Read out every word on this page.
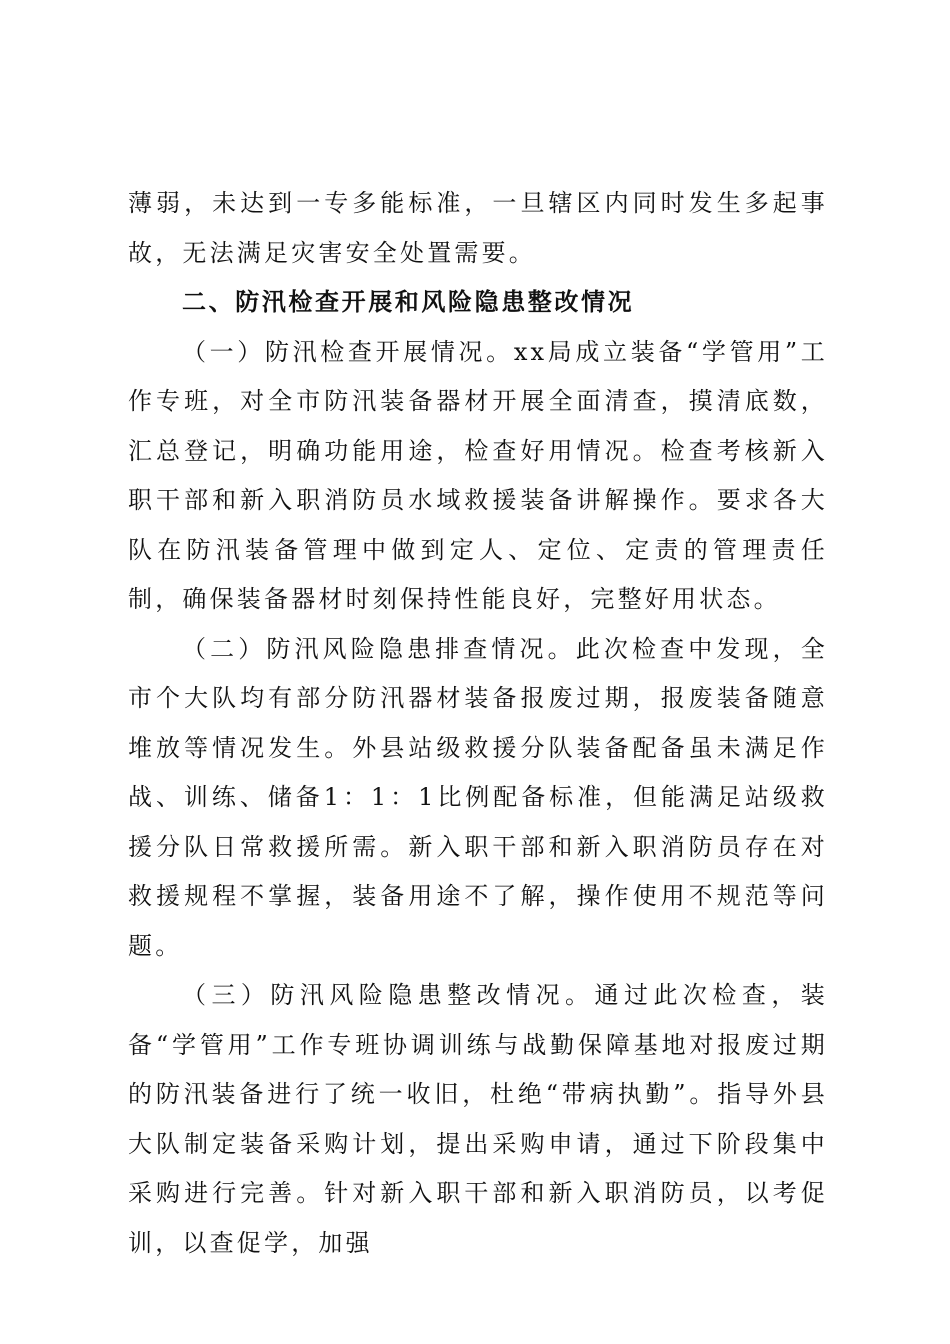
薄弱，未达到一专多能标准，一旦辖区内同时发生多起事故，无法满足灾害安全处置需要。

二、防汛检查开展和风险隐患整改情况

（一）防汛检查开展情况。xx局成立装备“学管用”工作专班，对全市防汛装备器材开展全面清查，摸清底数，汇总登记，明确功能用途，检查好用情况。检查考核新入职干部和新入职消防员水域救援装备讲解操作。要求各大队在防汛装备管理中做到定人、定位、定责的管理责任制，确保装备器材时刻保持性能良好，完整好用状态。

（二）防汛风险隐患排查情况。此次检查中发现，全市个大队均有部分防汛器材装备报废过期，报废装备随意堆放等情况发生。外县站级救援分队装备配备虽未满足作战、训练、储备1：1：1比例配备标准，但能满足站级救援分队日常救援所需。新入职干部和新入职消防员存在对救援规程不掌握，装备用途不了解，操作使用不规范等问题。

（三）防汛风险隐患整改情况。通过此次检查，装备“学管用”工作专班协调训练与战勤保障基地对报废过期的防汛装备进行了统一收旧，杜绝“带病执勤”。指导外县大队制定装备采购计划，提出采购申请，通过下阶段集中采购进行完善。针对新入职干部和新入职消防员，以考促训，以查促学，加强
